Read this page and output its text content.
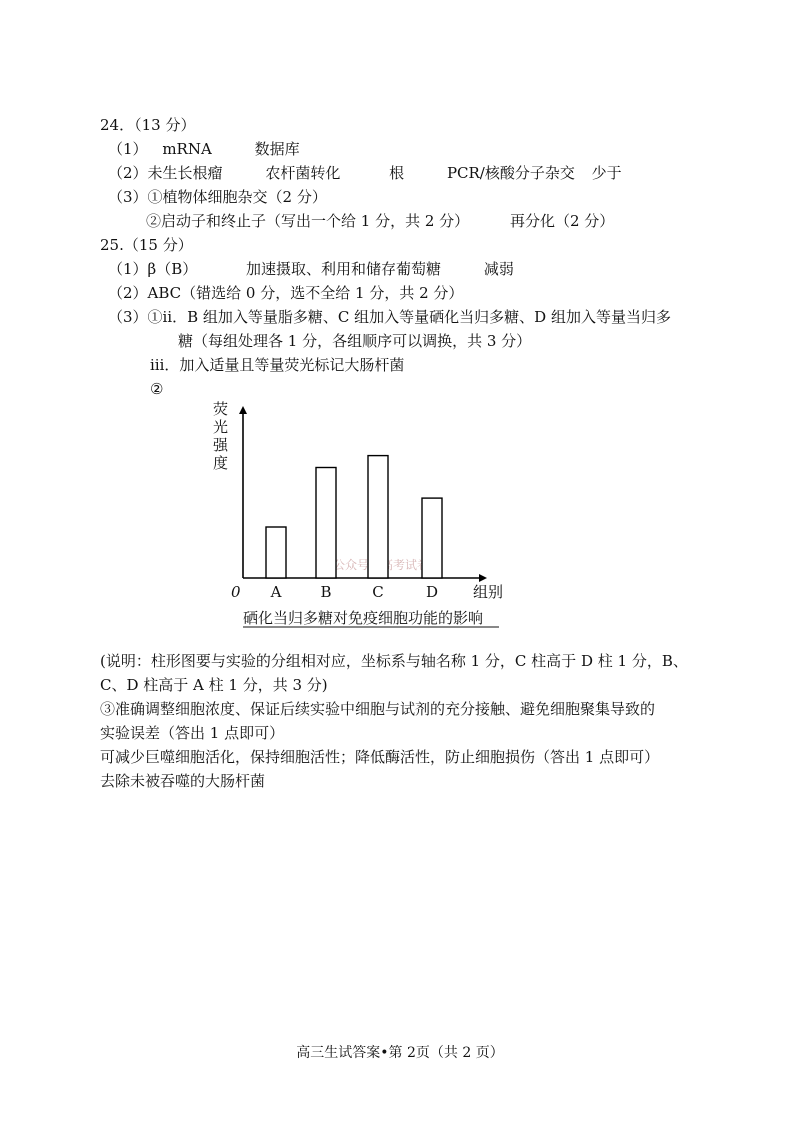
24．（13 分）
（1） mRNA	数据库
（2）未生长根瘤	农杆菌转化	根	PCR/核酸分子杂交 少于
（3）①植物体细胞杂交（2 分）
②启动子和终止子（写出一个给 1 分，共 2 分）	再分化（2 分）
25.（15 分）
（1）β（B）	加速摄取、利用和储存葡萄糖	减弱
（2）ABC（错选给 0 分，选不全给 1 分，共 2 分）
（3）①ⅱ．B 组加入等量脂多糖、C 组加入等量硒化当归多糖、D 组加入等量当归多
糖（每组处理各 1 分，各组顺序可以调换，共 3 分）
ⅲ．加入适量且等量荧光标记大肠杆菌
②
荧光强度
0	组别
A	B	C	D
硒化当归多糖对免疫细胞功能的影响
(说明：柱形图要与实验的分组相对应，坐标系与轴名称 1 分，C 柱高于 D 柱 1 分，B、
C、D 柱高于 A 柱 1 分，共 3 分)
③准确调整细胞浓度、保证后续实验中细胞与试剂的充分接触、避免细胞聚集导致的
实验误差（答出 1 点即可）
可减少巨噬细胞活化，保持细胞活性；降低酶活性，防止细胞损伤（答出 1 点即可）
去除未被吞噬的大肠杆菌
高三生试答案•第 2页（共 2 页）
